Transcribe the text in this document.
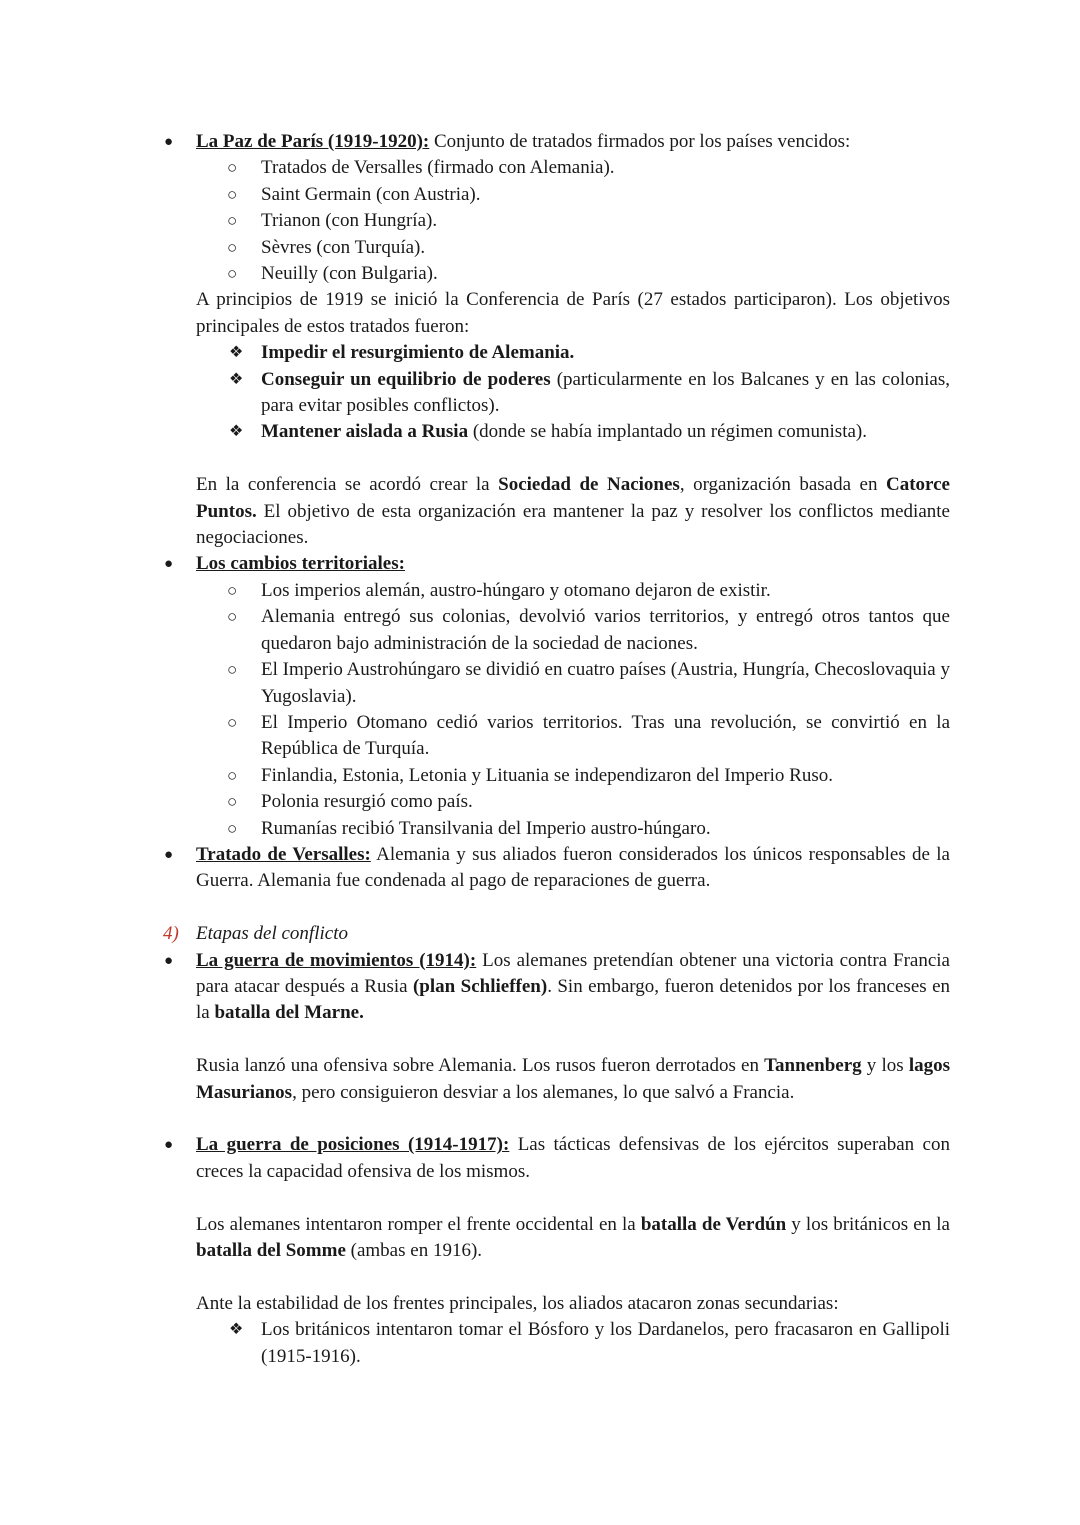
● La Paz de París (1919-1920): Conjunto de tratados firmados por los países vencidos:
○ Tratados de Versalles (firmado con Alemania).
○ Saint Germain (con Austria).
○ Trianon (con Hungría).
○ Sèvres (con Turquía).
○ Neuilly (con Bulgaria).
A principios de 1919 se inició la Conferencia de París (27 estados participaron). Los objetivos principales de estos tratados fueron:
❖ Impedir el resurgimiento de Alemania.
❖ Conseguir un equilibrio de poderes (particularmente en los Balcanes y en las colonias, para evitar posibles conflictos).
❖ Mantener aislada a Rusia (donde se había implantado un régimen comunista).
En la conferencia se acordó crear la Sociedad de Naciones, organización basada en Catorce Puntos. El objetivo de esta organización era mantener la paz y resolver los conflictos mediante negociaciones.
● Los cambios territoriales:
○ Los imperios alemán, austro-húngaro y otomano dejaron de existir.
○ Alemania entregó sus colonias, devolvió varios territorios, y entregó otros tantos que quedaron bajo administración de la sociedad de naciones.
○ El Imperio Austrohúngaro se dividió en cuatro países (Austria, Hungría, Checoslovaquia y Yugoslavia).
○ El Imperio Otomano cedió varios territorios. Tras una revolución, se convirtió en la República de Turquía.
○ Finlandia, Estonia, Letonia y Lituania se independizaron del Imperio Ruso.
○ Polonia resurgió como país.
○ Rumanías recibió Transilvania del Imperio austro-húngaro.
● Tratado de Versalles: Alemania y sus aliados fueron considerados los únicos responsables de la Guerra. Alemania fue condenada al pago de reparaciones de guerra.
4) Etapas del conflicto
● La guerra de movimientos (1914): Los alemanes pretendían obtener una victoria contra Francia para atacar después a Rusia (plan Schlieffen). Sin embargo, fueron detenidos por los franceses en la batalla del Marne.
Rusia lanzó una ofensiva sobre Alemania. Los rusos fueron derrotados en Tannenberg y los lagos Masurianos, pero consiguieron desviar a los alemanes, lo que salvó a Francia.
● La guerra de posiciones (1914-1917): Las tácticas defensivas de los ejércitos superaban con creces la capacidad ofensiva de los mismos.
Los alemanes intentaron romper el frente occidental en la batalla de Verdún y los británicos en la batalla del Somme (ambas en 1916).
Ante la estabilidad de los frentes principales, los aliados atacaron zonas secundarias:
❖ Los británicos intentaron tomar el Bósforo y los Dardanelos, pero fracasaron en Gallipoli (1915-1916).
